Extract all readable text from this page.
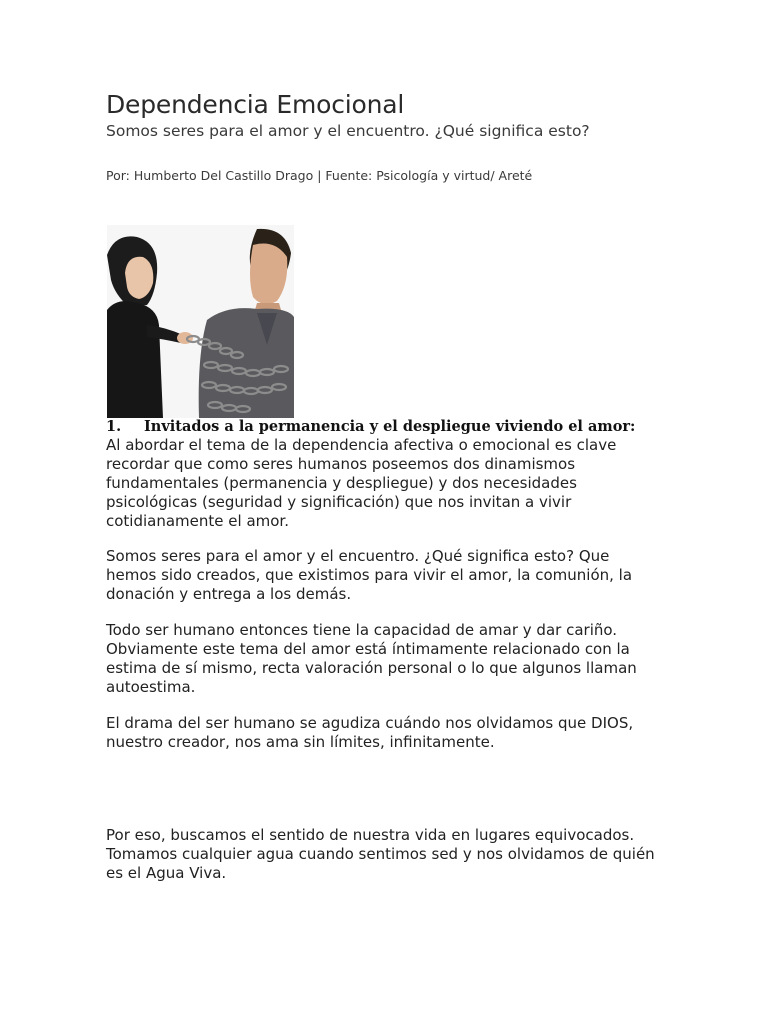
Dependencia Emocional
Somos seres para el amor y el encuentro. ¿Qué significa esto?
Por: Humberto Del Castillo Drago | Fuente: Psicología y virtud/ Areté
1. Invitados a la permanencia y el despliegue viviendo el amor:
Al abordar el tema de la dependencia afectiva o emocional es clave
recordar que como seres humanos poseemos dos dinamismos
fundamentales (permanencia y despliegue) y dos necesidades
psicológicas (seguridad y significación) que nos invitan a vivir
cotidianamente el amor.
Somos seres para el amor y el encuentro. ¿Qué significa esto? Que
hemos sido creados, que existimos para vivir el amor, la comunión, la
donación y entrega a los demás.
Todo ser humano entonces tiene la capacidad de amar y dar cariño.
Obviamente este tema del amor está íntimamente relacionado con la
estima de sí mismo, recta valoración personal o lo que algunos llaman
autoestima.
El drama del ser humano se agudiza cuándo nos olvidamos que DIOS,
nuestro creador, nos ama sin límites, infinitamente.
Por eso, buscamos el sentido de nuestra vida en lugares equivocados.
Tomamos cualquier agua cuando sentimos sed y nos olvidamos de quién
es el Agua Viva.
